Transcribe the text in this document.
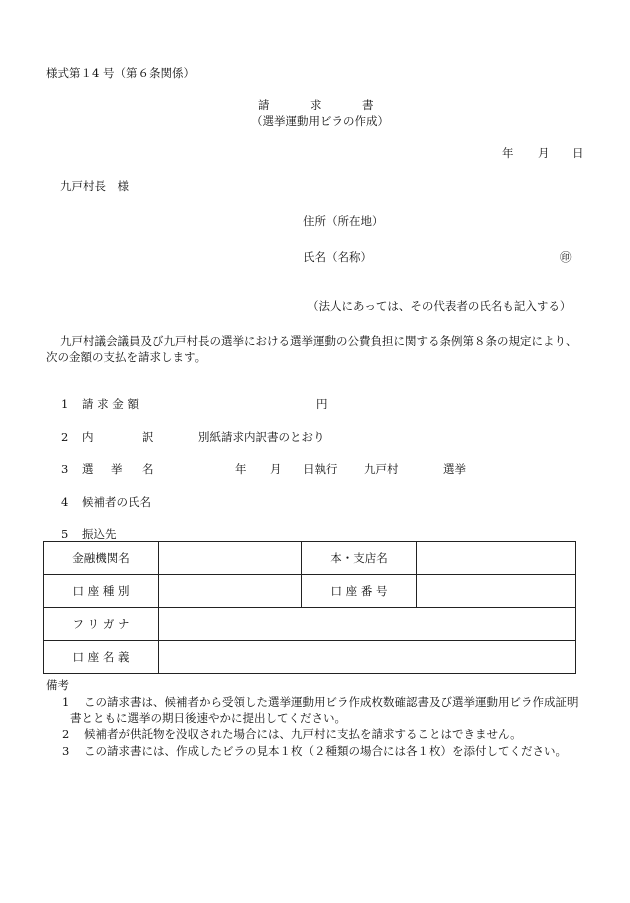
様式第１4 号（第６条関係）
請	求	書
（選挙運動用ビラの作成）
年 月 日
九戸村長　様
住所（所在地）
氏名（名称）	㊞
（法人にあっては、その代表者の氏名も記入する）
九戸村議会議員及び九戸村長の選挙における選挙運動の公費負担に関する条例第８条の規定により、
次の金額の支払を請求します。
1 請 求 金 額	円
2 内	訳	別紙請求内訳書のとおり
3 選 挙 名	年 月 日執行 九戸村	選挙
4 候補者の氏名
5 振込先
金融機関名		本・支店名	
口 座 種 別		口 座 番 号	
フ リ ガ ナ			
口 座 名 義			
備考
1 この請求書は、候補者から受領した選挙運動用ビラ作成枚数確認書及び選挙運動用ビラ作成証明
書とともに選挙の期日後速やかに提出してください。
2 候補者が供託物を没収された場合には、九戸村に支払を請求することはできません。
3 この請求書には、作成したビラの見本１枚（２種類の場合には各１枚）を添付してください。
